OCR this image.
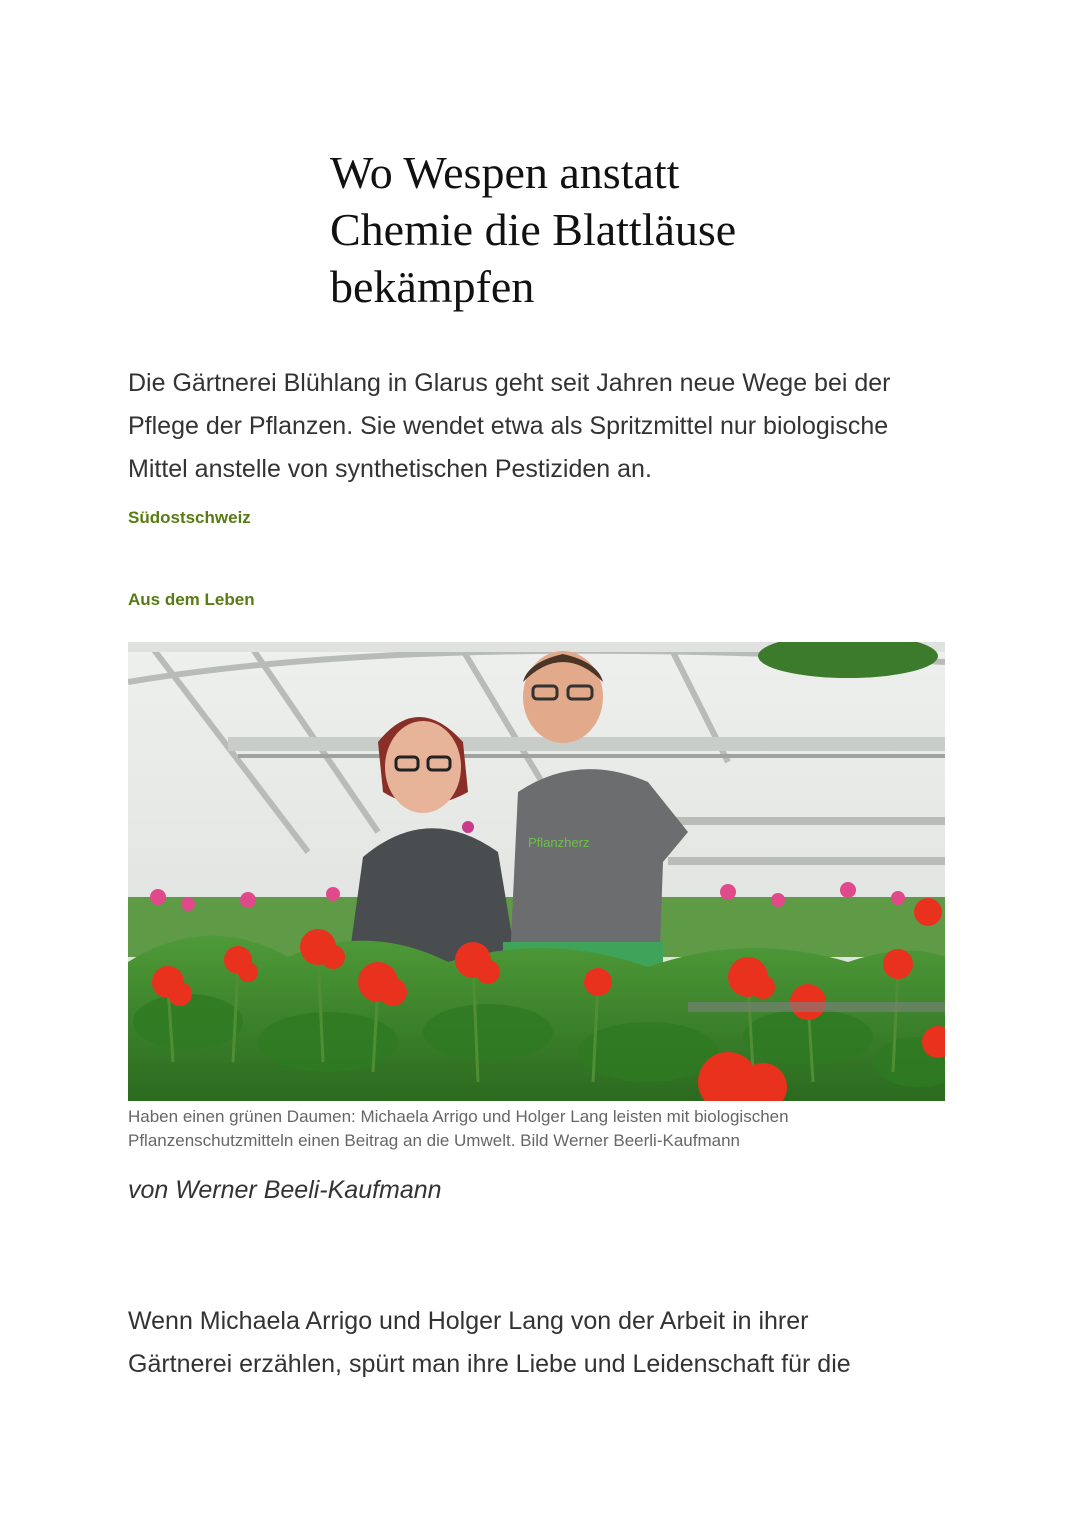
Wo Wespen anstatt
Chemie die Blattläuse
bekämpfen

Die Gärtnerei Blühlang in Glarus geht seit Jahren neue Wege bei der
Pflege der Pflanzen. Sie wendet etwa als Spritzmittel nur biologische
Mittel anstelle von synthetischen Pestiziden an.

Südostschweiz
Aus dem Leben
Pflanzherz
Haben einen grünen Daumen: Michaela Arrigo und Holger Lang leisten mit biologischen
Pflanzenschutzmitteln einen Beitrag an die Umwelt. Bild Werner Beerli-Kaufmann
von Werner Beeli-Kaufmann

Wenn Michaela Arrigo und Holger Lang von der Arbeit in ihrer
Gärtnerei erzählen, spürt man ihre Liebe und Leidenschaft für die
